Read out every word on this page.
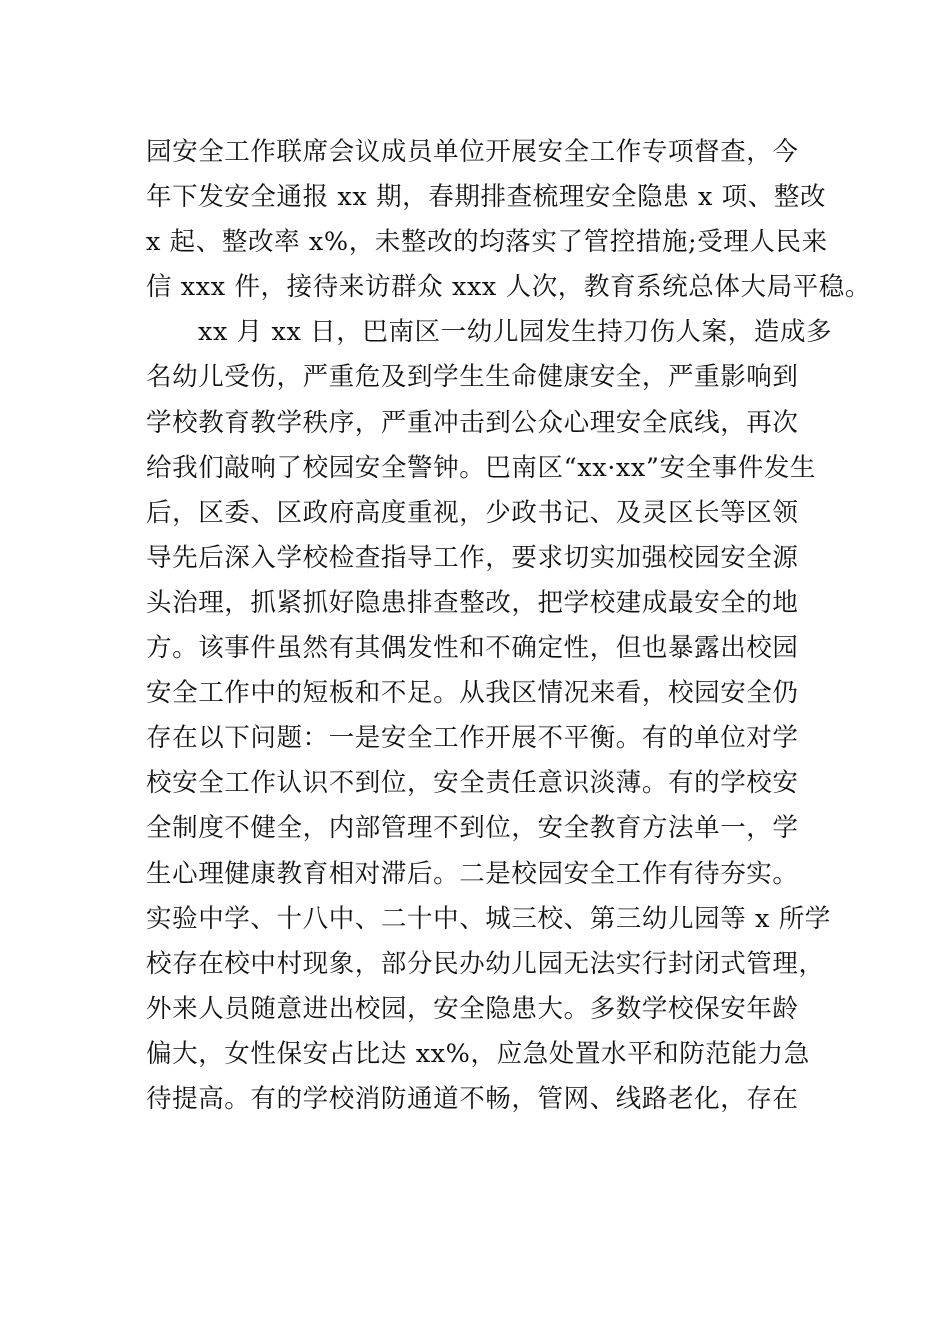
园安全工作联席会议成员单位开展安全工作专项督查，今
年下发安全通报 xx 期，春期排查梳理安全隐患 x 项、整改
x 起、整改率 x%，未整改的均落实了管控措施;受理人民来
信 xxx 件，接待来访群众 xxx 人次，教育系统总体大局平稳。
xx 月 xx 日，巴南区一幼儿园发生持刀伤人案，造成多
名幼儿受伤，严重危及到学生生命健康安全，严重影响到
学校教育教学秩序，严重冲击到公众心理安全底线，再次
给我们敲响了校园安全警钟。巴南区“xx·xx”安全事件发生
后，区委、区政府高度重视，少政书记、及灵区长等区领
导先后深入学校检查指导工作，要求切实加强校园安全源
头治理，抓紧抓好隐患排查整改，把学校建成最安全的地
方。该事件虽然有其偶发性和不确定性，但也暴露出校园
安全工作中的短板和不足。从我区情况来看，校园安全仍
存在以下问题：一是安全工作开展不平衡。有的单位对学
校安全工作认识不到位，安全责任意识淡薄。有的学校安
全制度不健全，内部管理不到位，安全教育方法单一，学
生心理健康教育相对滞后。二是校园安全工作有待夯实。
实验中学、十八中、二十中、城三校、第三幼儿园等 x 所学
校存在校中村现象，部分民办幼儿园无法实行封闭式管理，
外来人员随意进出校园，安全隐患大。多数学校保安年龄
偏大，女性保安占比达 xx%，应急处置水平和防范能力急
待提高。有的学校消防通道不畅，管网、线路老化，存在
